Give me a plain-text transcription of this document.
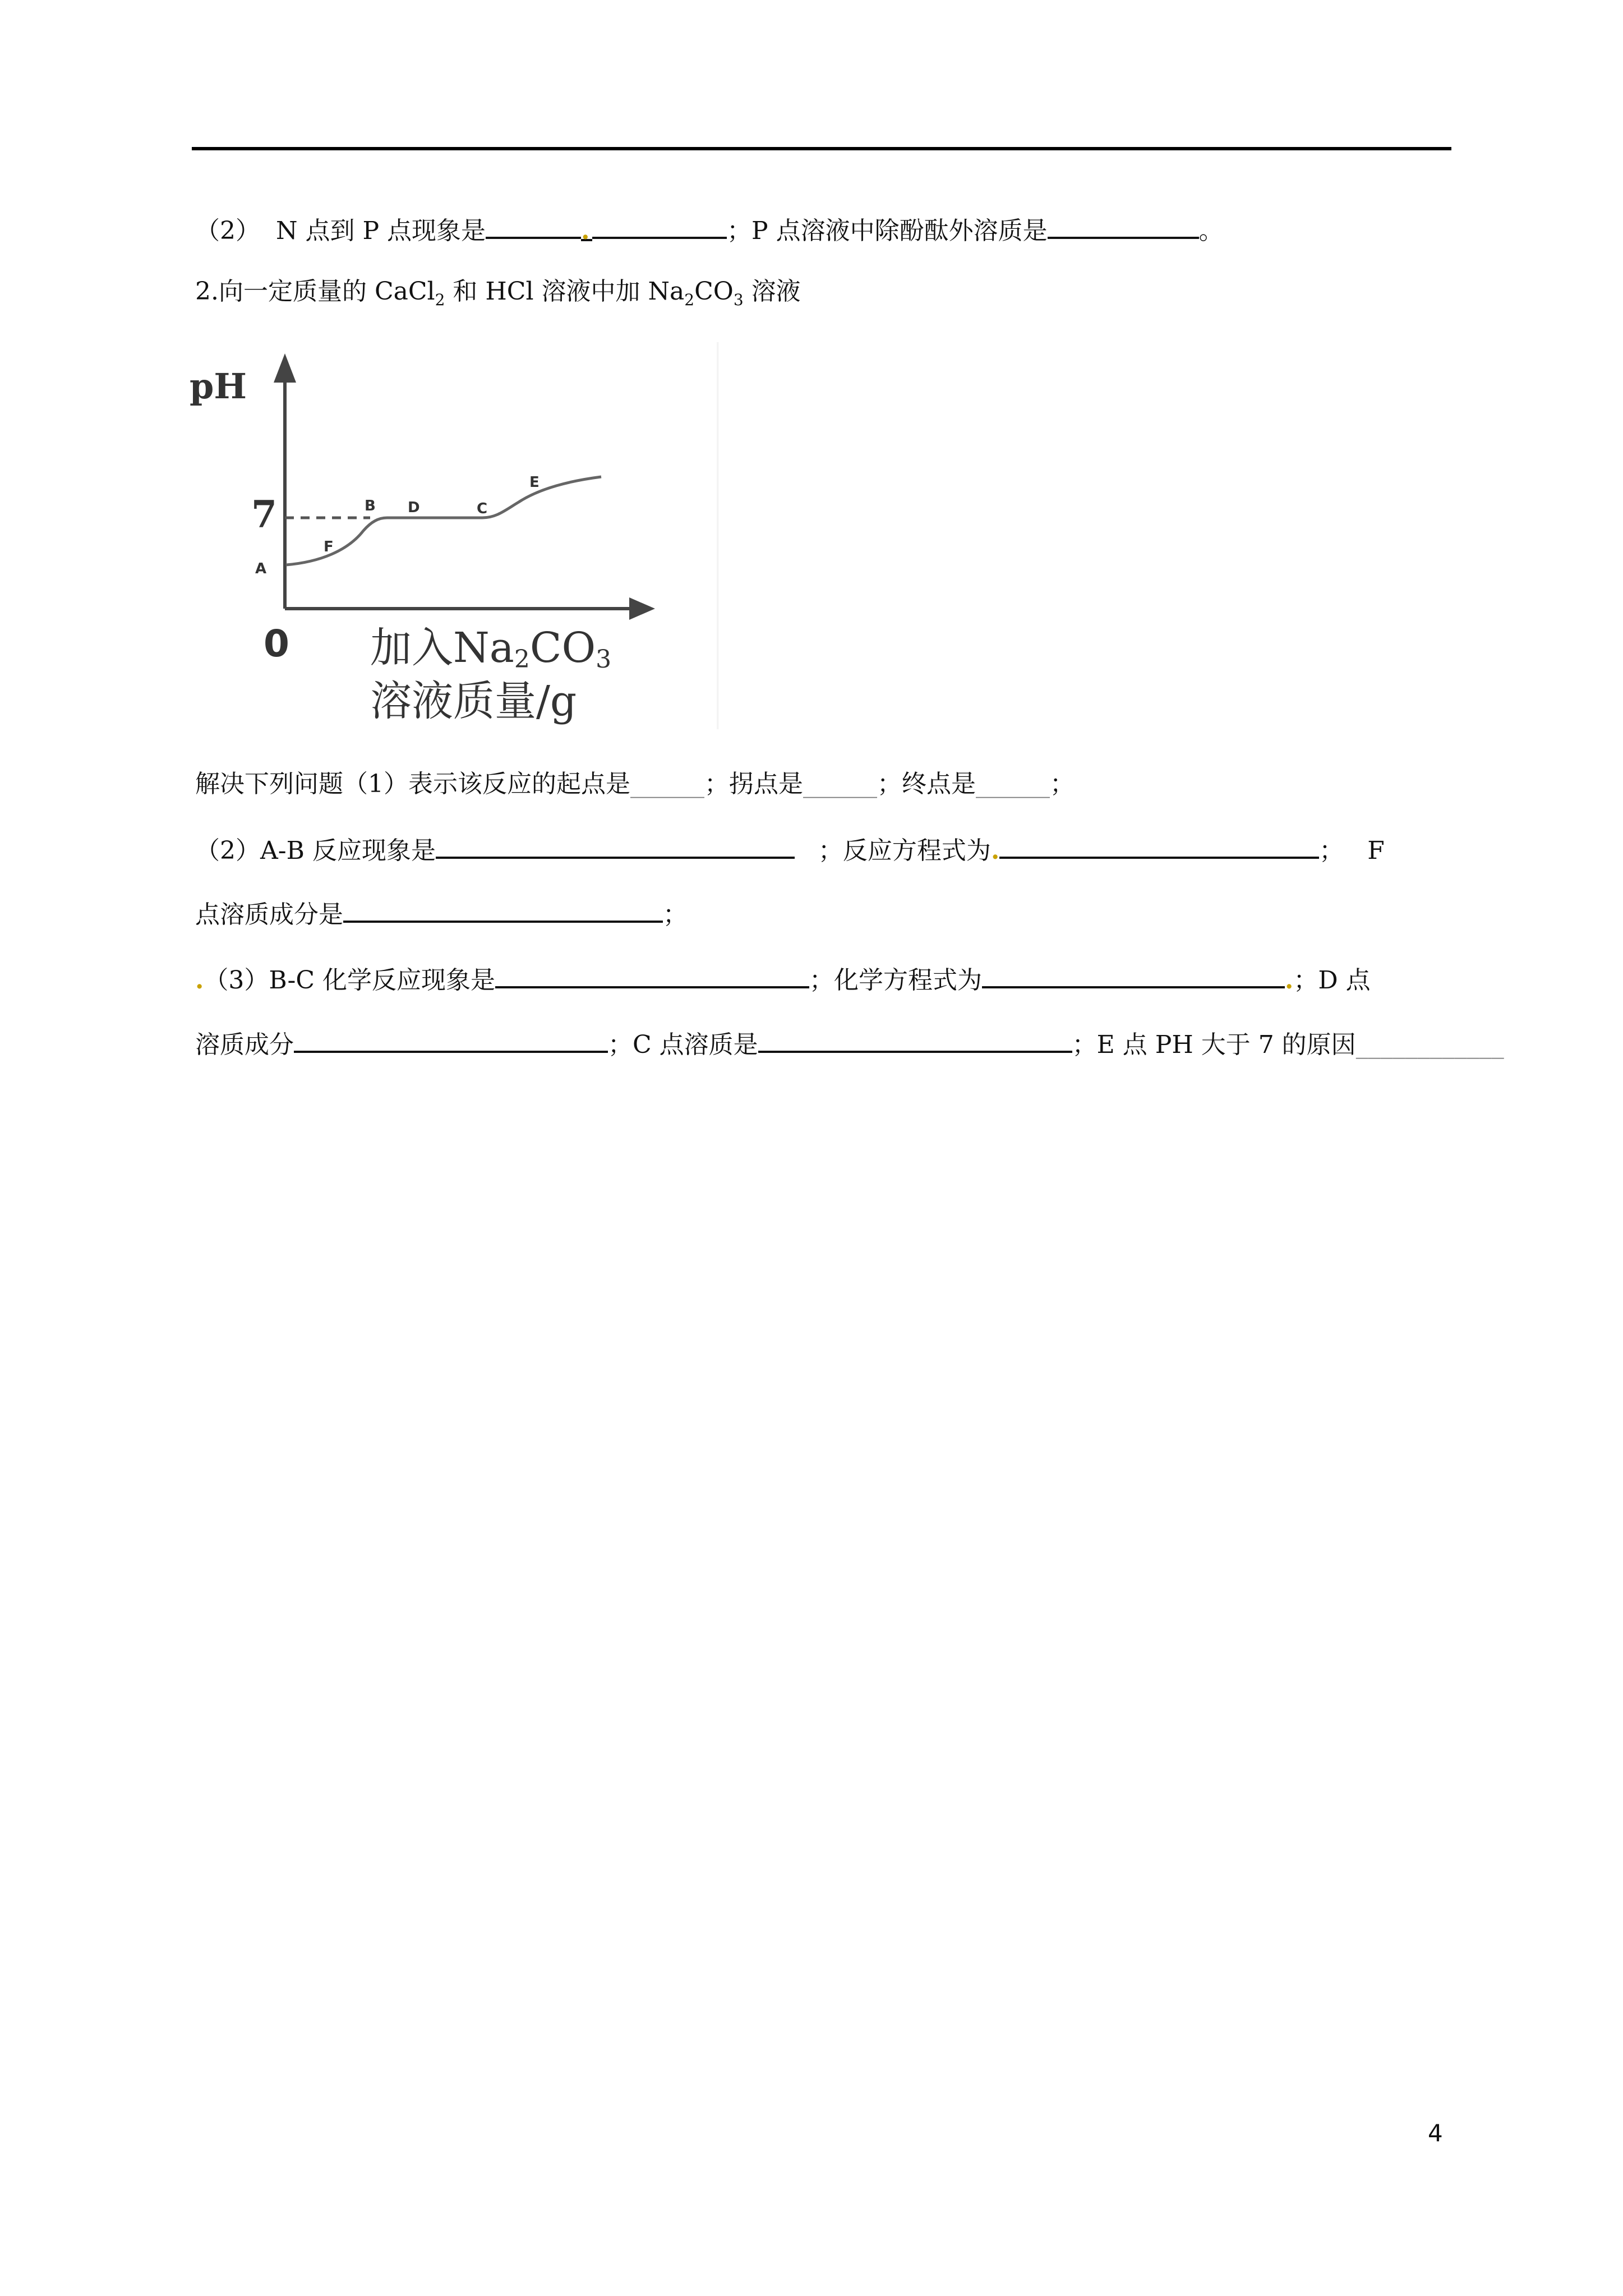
（2） N 点到 P 点现象是	.	；P 点溶液中除酚酞外溶质是	。
2.向一定质量的 CaCl$_2$ 和 HCl 溶液中加 $Na_2CO_3$ 溶液
pH
7
0
A
F
B D	C
E
加入Na2CO3
溶液质量/g
解决下列问题（1）表示该反应的起点是______；拐点是______；终点是______；
（2）A-B 反应现象是	；反应方程式为.	； F
点溶质成分是	；
.（3）B-C 化学反应现象是	；化学方程式为	.；D 点
溶质成分	；C 点溶质是	；E 点 PH 大于 7 的原因____________
4
